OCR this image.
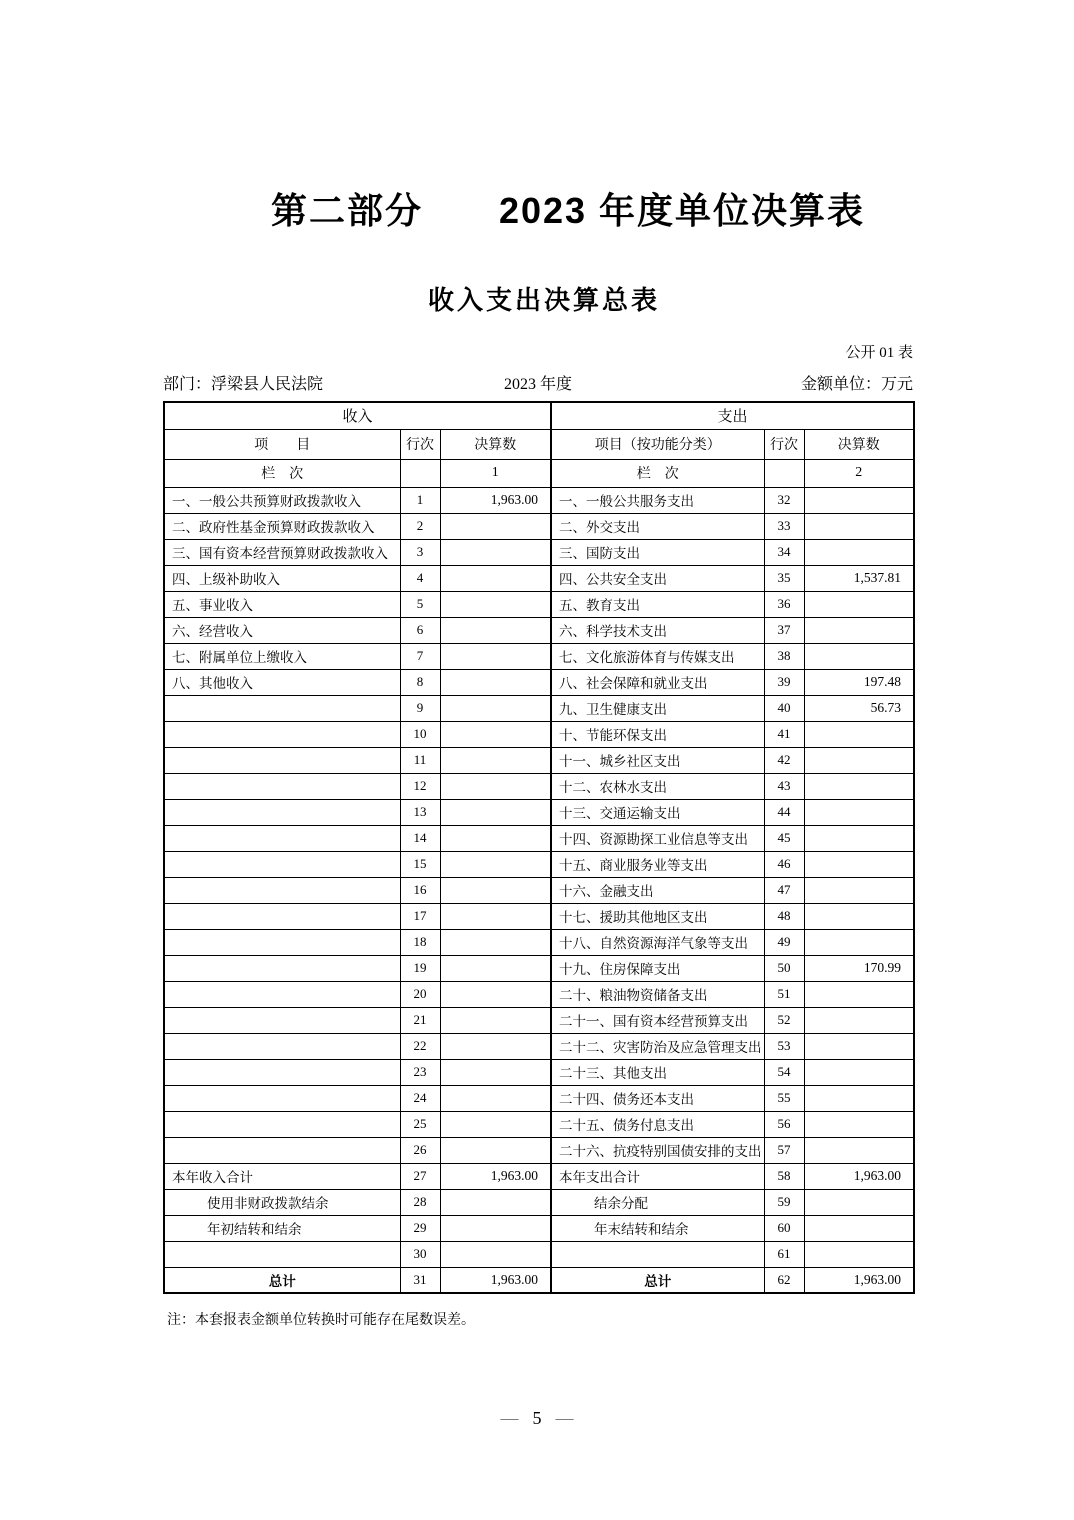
第二部分　　2023 年度单位决算表
收入支出决算总表
公开 01 表
部门：浮梁县人民法院	2023 年度	金额单位：万元
收入			支出		
项　　目	行次	决算数	项目（按功能分类）	行次	决算数
栏　次		1	栏　次		2
一、一般公共预算财政拨款收入	1	1,963.00	一、一般公共服务支出	32	
二、政府性基金预算财政拨款收入	2		二、外交支出	33	
三、国有资本经营预算财政拨款收入	3		三、国防支出	34	
四、上级补助收入	4		四、公共安全支出	35	1,537.81
五、事业收入	5		五、教育支出	36	
六、经营收入	6		六、科学技术支出	37	
七、附属单位上缴收入	7		七、文化旅游体育与传媒支出	38	
八、其他收入	8		八、社会保障和就业支出	39	197.48
	9		九、卫生健康支出	40	56.73
	10		十、节能环保支出	41	
	11		十一、城乡社区支出	42	
	12		十二、农林水支出	43	
	13		十三、交通运输支出	44	
	14		十四、资源勘探工业信息等支出	45	
	15		十五、商业服务业等支出	46	
	16		十六、金融支出	47	
	17		十七、援助其他地区支出	48	
	18		十八、自然资源海洋气象等支出	49	
	19		十九、住房保障支出	50	170.99
	20		二十、粮油物资储备支出	51	
	21		二十一、国有资本经营预算支出	52	
	22		二十二、灾害防治及应急管理支出	53	
	23		二十三、其他支出	54	
	24		二十四、债务还本支出	55	
	25		二十五、债务付息支出	56	
	26		二十六、抗疫特别国债安排的支出	57	
本年收入合计	27	1,963.00	本年支出合计	58	1,963.00
使用非财政拨款结余	28		结余分配	59	
年初结转和结余	29		年末结转和结余	60	
	30			61	
总计	31	1,963.00	总计	62	1,963.00
注：本套报表金额单位转换时可能存在尾数误差。
— 5 —
